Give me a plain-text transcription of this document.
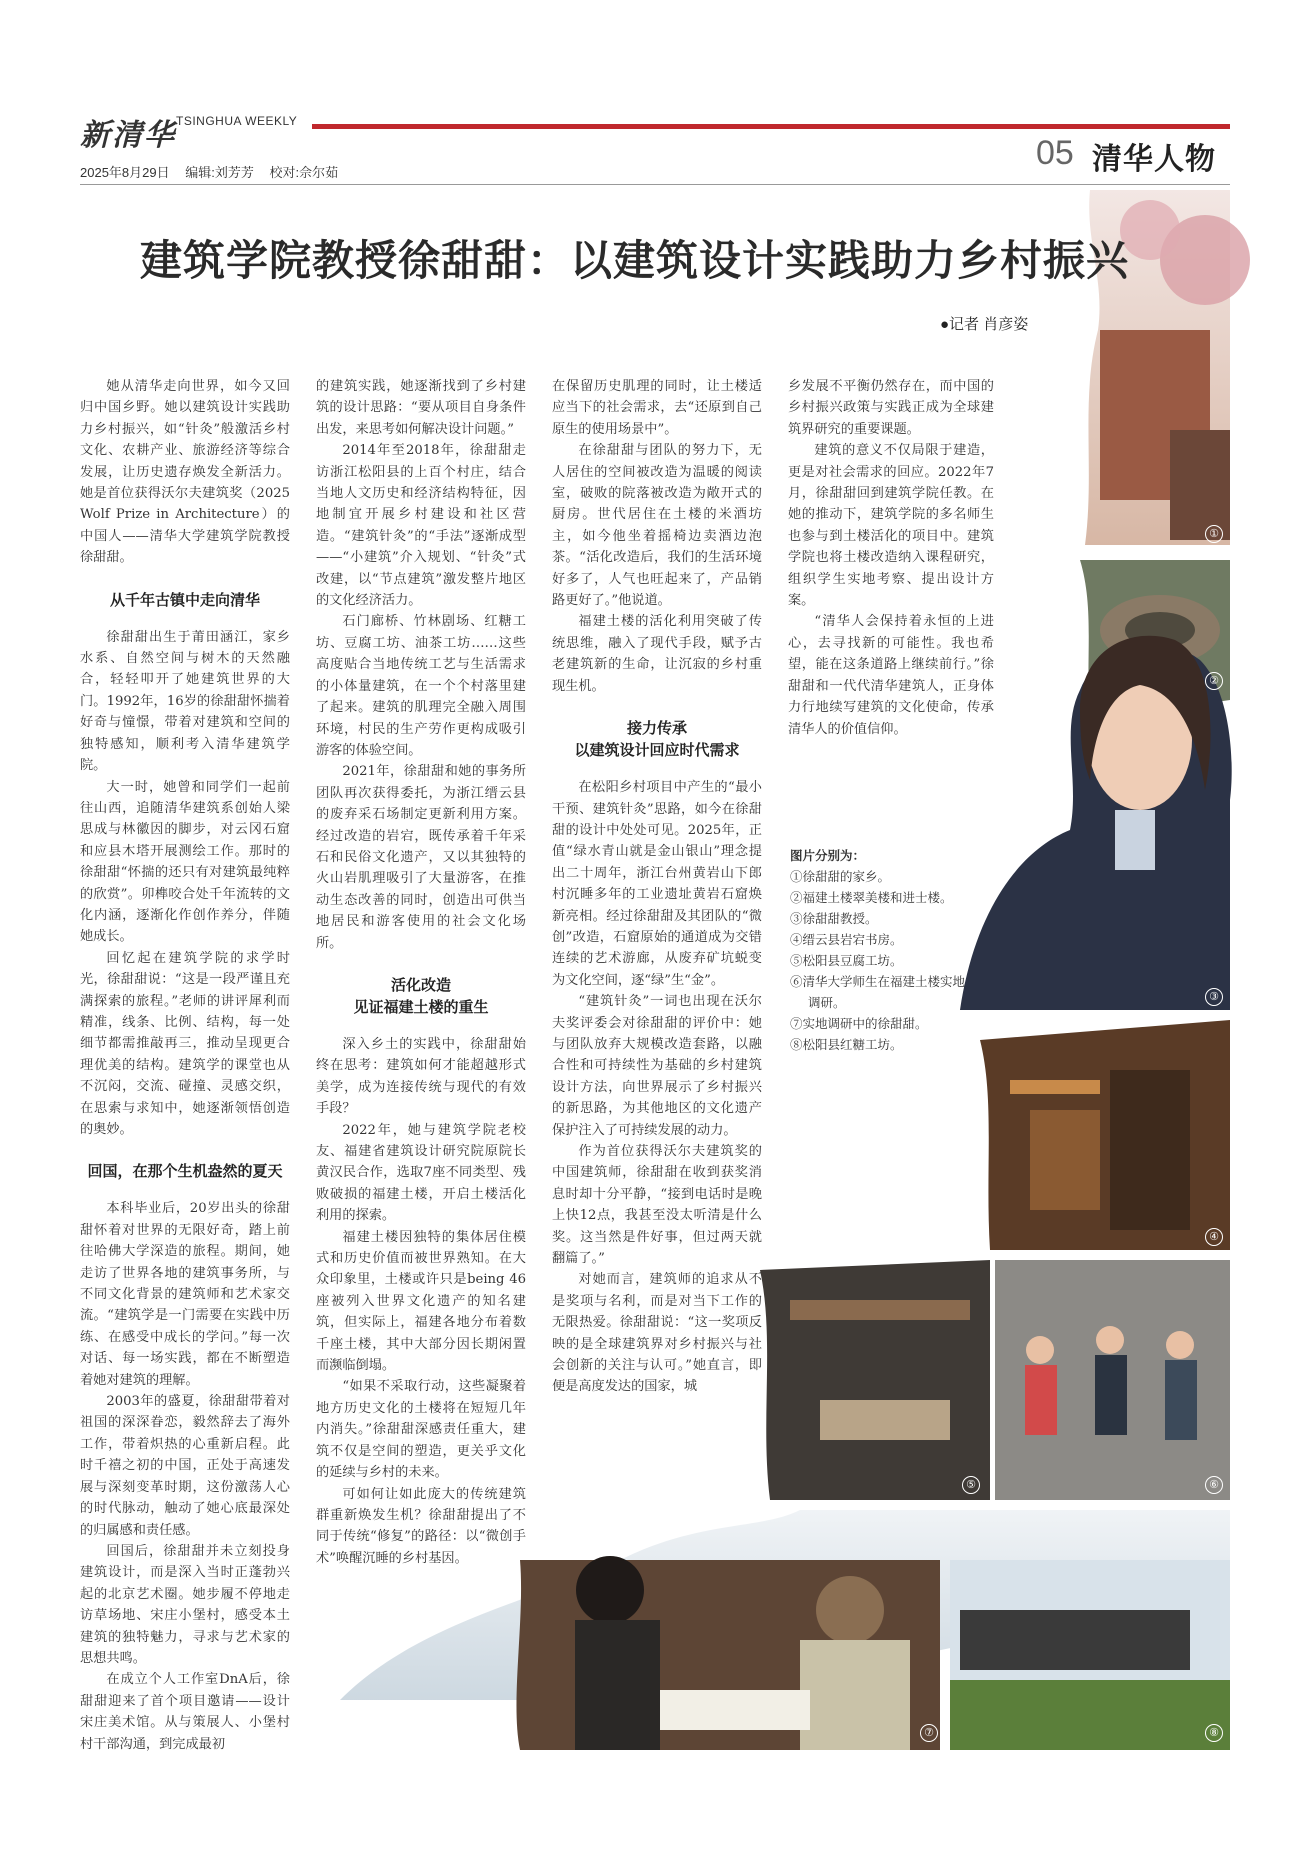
新清华 TSINGHUA WEEKLY
2025年8月29日 编辑:刘芳芳 校对:佘尔茹
05 清华人物
①
②
③
④
⑤	⑥
⑦	⑧
建筑学院教授徐甜甜：以建筑设计实践助力乡村振兴
●记者 肖彦姿

她从清华走向世界，如今又回归中国乡野。她以建筑设计实践助力乡村振兴，如“针灸”般激活乡村文化、农耕产业、旅游经济等综合发展，让历史遗存焕发全新活力。她是首位获得沃尔夫建筑奖（2025 Wolf Prize in Architecture）的中国人——清华大学建筑学院教授徐甜甜。

从千年古镇中走向清华

徐甜甜出生于莆田涵江，家乡水系、自然空间与树木的天然融合，轻轻叩开了她建筑世界的大门。1992年，16岁的徐甜甜怀揣着好奇与憧憬，带着对建筑和空间的独特感知，顺利考入清华建筑学院。

大一时，她曾和同学们一起前往山西，追随清华建筑系创始人梁思成与林徽因的脚步，对云冈石窟和应县木塔开展测绘工作。那时的徐甜甜“怀揣的还只有对建筑最纯粹的欣赏”。卯榫咬合处千年流转的文化内涵，逐渐化作创作养分，伴随她成长。

回忆起在建筑学院的求学时光，徐甜甜说：“这是一段严谨且充满探索的旅程。”老师的讲评犀利而精准，线条、比例、结构，每一处细节都需推敲再三，推动呈现更合理优美的结构。建筑学的课堂也从不沉闷，交流、碰撞、灵感交织，在思索与求知中，她逐渐领悟创造的奥妙。

回国，在那个生机盎然的夏天

本科毕业后，20岁出头的徐甜甜怀着对世界的无限好奇，踏上前往哈佛大学深造的旅程。期间，她走访了世界各地的建筑事务所，与不同文化背景的建筑师和艺术家交流。“建筑学是一门需要在实践中历练、在感受中成长的学问。”每一次对话、每一场实践，都在不断塑造着她对建筑的理解。

2003年的盛夏，徐甜甜带着对祖国的深深眷恋，毅然辞去了海外工作，带着炽热的心重新启程。此时千禧之初的中国，正处于高速发展与深刻变革时期，这份激荡人心的时代脉动，触动了她心底最深处的归属感和责任感。

回国后，徐甜甜并未立刻投身建筑设计，而是深入当时正蓬勃兴起的北京艺术圈。她步履不停地走访草场地、宋庄小堡村，感受本土建筑的独特魅力，寻求与艺术家的思想共鸣。

在成立个人工作室DnA后，徐甜甜迎来了首个项目邀请——设计宋庄美术馆。从与策展人、小堡村村干部沟通，到完成最初

的建筑实践，她逐渐找到了乡村建筑的设计思路：“要从项目自身条件出发，来思考如何解决设计问题。”

2014年至2018年，徐甜甜走访浙江松阳县的上百个村庄，结合当地人文历史和经济结构特征，因地制宜开展乡村建设和社区营造。“建筑针灸”的“手法”逐渐成型——“小建筑”介入规划、“针灸”式改建，以“节点建筑”激发整片地区的文化经济活力。

石门廊桥、竹林剧场、红糖工坊、豆腐工坊、油茶工坊……这些高度贴合当地传统工艺与生活需求的小体量建筑，在一个个村落里建了起来。建筑的肌理完全融入周围环境，村民的生产劳作更构成吸引游客的体验空间。

2021年，徐甜甜和她的事务所团队再次获得委托，为浙江缙云县的废弃采石场制定更新利用方案。经过改造的岩宕，既传承着千年采石和民俗文化遗产，又以其独特的火山岩肌理吸引了大量游客，在推动生态改善的同时，创造出可供当地居民和游客使用的社会文化场所。

活化改造
见证福建土楼的重生

深入乡土的实践中，徐甜甜始终在思考：建筑如何才能超越形式美学，成为连接传统与现代的有效手段？

2022年，她与建筑学院老校友、福建省建筑设计研究院原院长黄汉民合作，选取7座不同类型、残败破损的福建土楼，开启土楼活化利用的探索。

福建土楼因独特的集体居住模式和历史价值而被世界熟知。在大众印象里，土楼或许只是being 46座被列入世界文化遗产的知名建筑，但实际上，福建各地分布着数千座土楼，其中大部分因长期闲置而濒临倒塌。

“如果不采取行动，这些凝聚着地方历史文化的土楼将在短短几年内消失。”徐甜甜深感责任重大，建筑不仅是空间的塑造，更关乎文化的延续与乡村的未来。

可如何让如此庞大的传统建筑群重新焕发生机？徐甜甜提出了不同于传统“修复”的路径：以“微创手术”唤醒沉睡的乡村基因。

在保留历史肌理的同时，让土楼适应当下的社会需求，去“还原到自己原生的使用场景中”。

在徐甜甜与团队的努力下，无人居住的空间被改造为温暖的阅读室，破败的院落被改造为敞开式的厨房。世代居住在土楼的米酒坊主，如今他坐着摇椅边卖酒边泡茶。“活化改造后，我们的生活环境好多了，人气也旺起来了，产品销路更好了。”他说道。

福建土楼的活化利用突破了传统思维，融入了现代手段，赋予古老建筑新的生命，让沉寂的乡村重现生机。

接力传承
以建筑设计回应时代需求

在松阳乡村项目中产生的“最小干预、建筑针灸”思路，如今在徐甜甜的设计中处处可见。2025年，正值“绿水青山就是金山银山”理念提出二十周年，浙江台州黄岩山下郎村沉睡多年的工业遗址黄岩石窟焕新亮相。经过徐甜甜及其团队的“微创”改造，石窟原始的通道成为交错连续的艺术游廊，从废弃矿坑蜕变为文化空间，逐“绿”生“金”。

“建筑针灸”一词也出现在沃尔夫奖评委会对徐甜甜的评价中：她与团队放弃大规模改造套路，以融合性和可持续性为基础的乡村建筑设计方法，向世界展示了乡村振兴的新思路，为其他地区的文化遗产保护注入了可持续发展的动力。

作为首位获得沃尔夫建筑奖的中国建筑师，徐甜甜在收到获奖消息时却十分平静，“接到电话时是晚上快12点，我甚至没太听清是什么奖。这当然是件好事，但过两天就翻篇了。”

对她而言，建筑师的追求从不是奖项与名利，而是对当下工作的无限热爱。徐甜甜说：“这一奖项反映的是全球建筑界对乡村振兴与社会创新的关注与认可。”她直言，即便是高度发达的国家，城

乡发展不平衡仍然存在，而中国的乡村振兴政策与实践正成为全球建筑界研究的重要课题。

建筑的意义不仅局限于建造，更是对社会需求的回应。2022年7月，徐甜甜回到建筑学院任教。在她的推动下，建筑学院的多名师生也参与到土楼活化的项目中。建筑学院也将土楼改造纳入课程研究，组织学生实地考察、提出设计方案。

“清华人会保持着永恒的上进心，去寻找新的可能性。我也希望，能在这条道路上继续前行。”徐甜甜和一代代清华建筑人，正身体力行地续写建筑的文化使命，传承清华人的价值信仰。

图片分别为：
①徐甜甜的家乡。
②福建土楼翠美楼和进士楼。
③徐甜甜教授。
④缙云县岩宕书房。
⑤松阳县豆腐工坊。
⑥清华大学师生在福建土楼实地调研。
⑦实地调研中的徐甜甜。
⑧松阳县红糖工坊。
